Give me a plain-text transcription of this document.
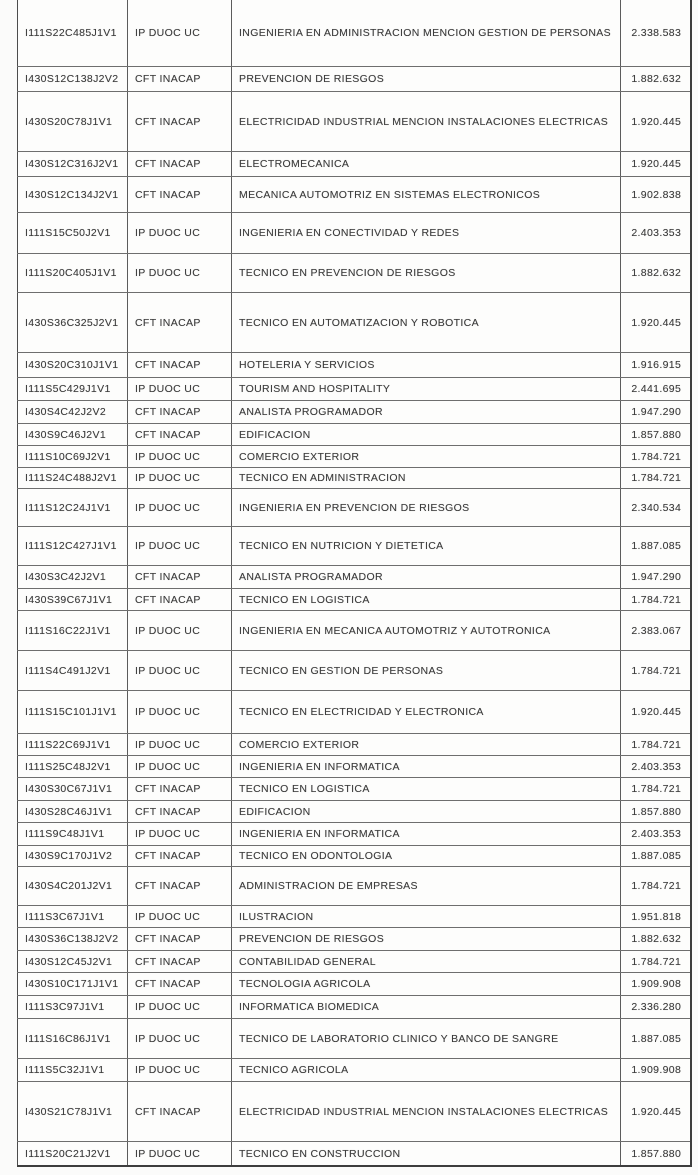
I111S22C485J1V1	IP DUOC UC	INGENIERIA EN ADMINISTRACION MENCION GESTION DE PERSONAS	2.338.583
I430S12C138J2V2	CFT INACAP	PREVENCION DE RIESGOS	1.882.632
I430S20C78J1V1	CFT INACAP	ELECTRICIDAD INDUSTRIAL MENCION INSTALACIONES ELECTRICAS	1.920.445
I430S12C316J2V1	CFT INACAP	ELECTROMECANICA	1.920.445
I430S12C134J2V1	CFT INACAP	MECANICA AUTOMOTRIZ EN SISTEMAS ELECTRONICOS	1.902.838
I111S15C50J2V1	IP DUOC UC	INGENIERIA EN CONECTIVIDAD Y REDES	2.403.353
I111S20C405J1V1	IP DUOC UC	TECNICO EN PREVENCION DE RIESGOS	1.882.632
I430S36C325J2V1	CFT INACAP	TECNICO EN AUTOMATIZACION Y ROBOTICA	1.920.445
I430S20C310J1V1	CFT INACAP	HOTELERIA Y SERVICIOS	1.916.915
I111S5C429J1V1	IP DUOC UC	TOURISM AND HOSPITALITY	2.441.695
I430S4C42J2V2	CFT INACAP	ANALISTA PROGRAMADOR	1.947.290
I430S9C46J2V1	CFT INACAP	EDIFICACION	1.857.880
I111S10C69J2V1	IP DUOC UC	COMERCIO EXTERIOR	1.784.721
I111S24C488J2V1	IP DUOC UC	TECNICO EN ADMINISTRACION	1.784.721
I111S12C24J1V1	IP DUOC UC	INGENIERIA EN PREVENCION DE RIESGOS	2.340.534
I111S12C427J1V1	IP DUOC UC	TECNICO EN NUTRICION Y DIETETICA	1.887.085
I430S3C42J2V1	CFT INACAP	ANALISTA PROGRAMADOR	1.947.290
I430S39C67J1V1	CFT INACAP	TECNICO EN LOGISTICA	1.784.721
I111S16C22J1V1	IP DUOC UC	INGENIERIA EN MECANICA AUTOMOTRIZ Y AUTOTRONICA	2.383.067
I111S4C491J2V1	IP DUOC UC	TECNICO EN GESTION DE PERSONAS	1.784.721
I111S15C101J1V1	IP DUOC UC	TECNICO EN ELECTRICIDAD Y ELECTRONICA	1.920.445
I111S22C69J1V1	IP DUOC UC	COMERCIO EXTERIOR	1.784.721
I111S25C48J2V1	IP DUOC UC	INGENIERIA EN INFORMATICA	2.403.353
I430S30C67J1V1	CFT INACAP	TECNICO EN LOGISTICA	1.784.721
I430S28C46J1V1	CFT INACAP	EDIFICACION	1.857.880
I111S9C48J1V1	IP DUOC UC	INGENIERIA EN INFORMATICA	2.403.353
I430S9C170J1V2	CFT INACAP	TECNICO EN ODONTOLOGIA	1.887.085
I430S4C201J2V1	CFT INACAP	ADMINISTRACION DE EMPRESAS	1.784.721
I111S3C67J1V1	IP DUOC UC	ILUSTRACION	1.951.818
I430S36C138J2V2	CFT INACAP	PREVENCION DE RIESGOS	1.882.632
I430S12C45J2V1	CFT INACAP	CONTABILIDAD GENERAL	1.784.721
I430S10C171J1V1	CFT INACAP	TECNOLOGIA AGRICOLA	1.909.908
I111S3C97J1V1	IP DUOC UC	INFORMATICA BIOMEDICA	2.336.280
I111S16C86J1V1	IP DUOC UC	TECNICO DE LABORATORIO CLINICO Y BANCO DE SANGRE	1.887.085
I111S5C32J1V1	IP DUOC UC	TECNICO AGRICOLA	1.909.908
I430S21C78J1V1	CFT INACAP	ELECTRICIDAD INDUSTRIAL MENCION INSTALACIONES ELECTRICAS	1.920.445
I111S20C21J2V1	IP DUOC UC	TECNICO EN CONSTRUCCION	1.857.880
